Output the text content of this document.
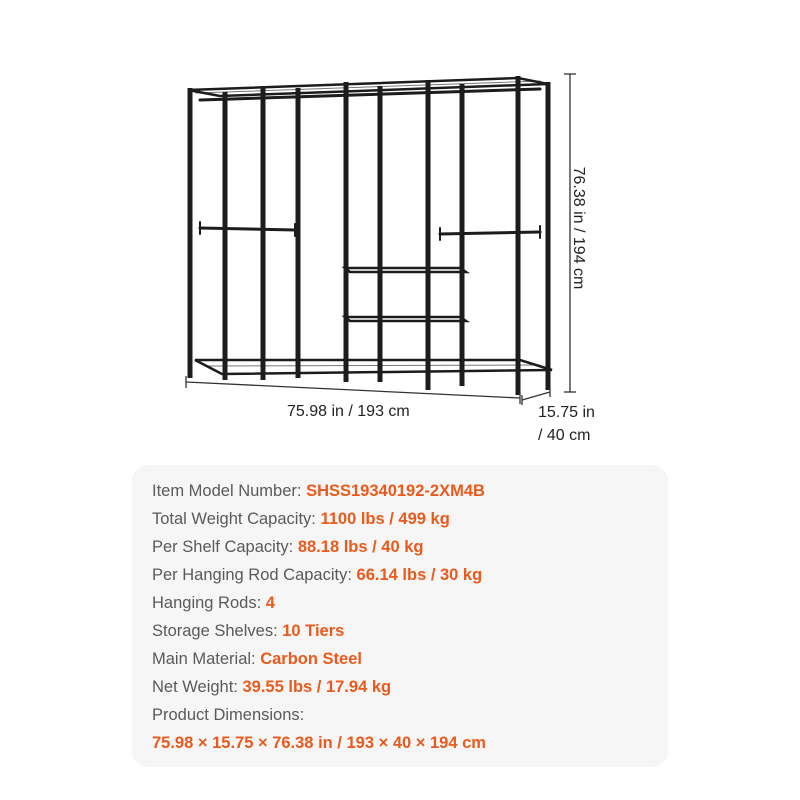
76.38 in / 194 cm
75.98 in / 193 cm	15.75 in
/ 40 cm
Item Model Number: SHSS19340192-2XM4B
Total Weight Capacity: 1100 lbs / 499 kg
Per Shelf Capacity: 88.18 lbs / 40 kg
Per Hanging Rod Capacity: 66.14 lbs / 30 kg
Hanging Rods: 4
Storage Shelves: 10 Tiers
Main Material: Carbon Steel
Net Weight: 39.55 lbs / 17.94 kg
Product Dimensions:
75.98 × 15.75 × 76.38 in / 193 × 40 × 194 cm
